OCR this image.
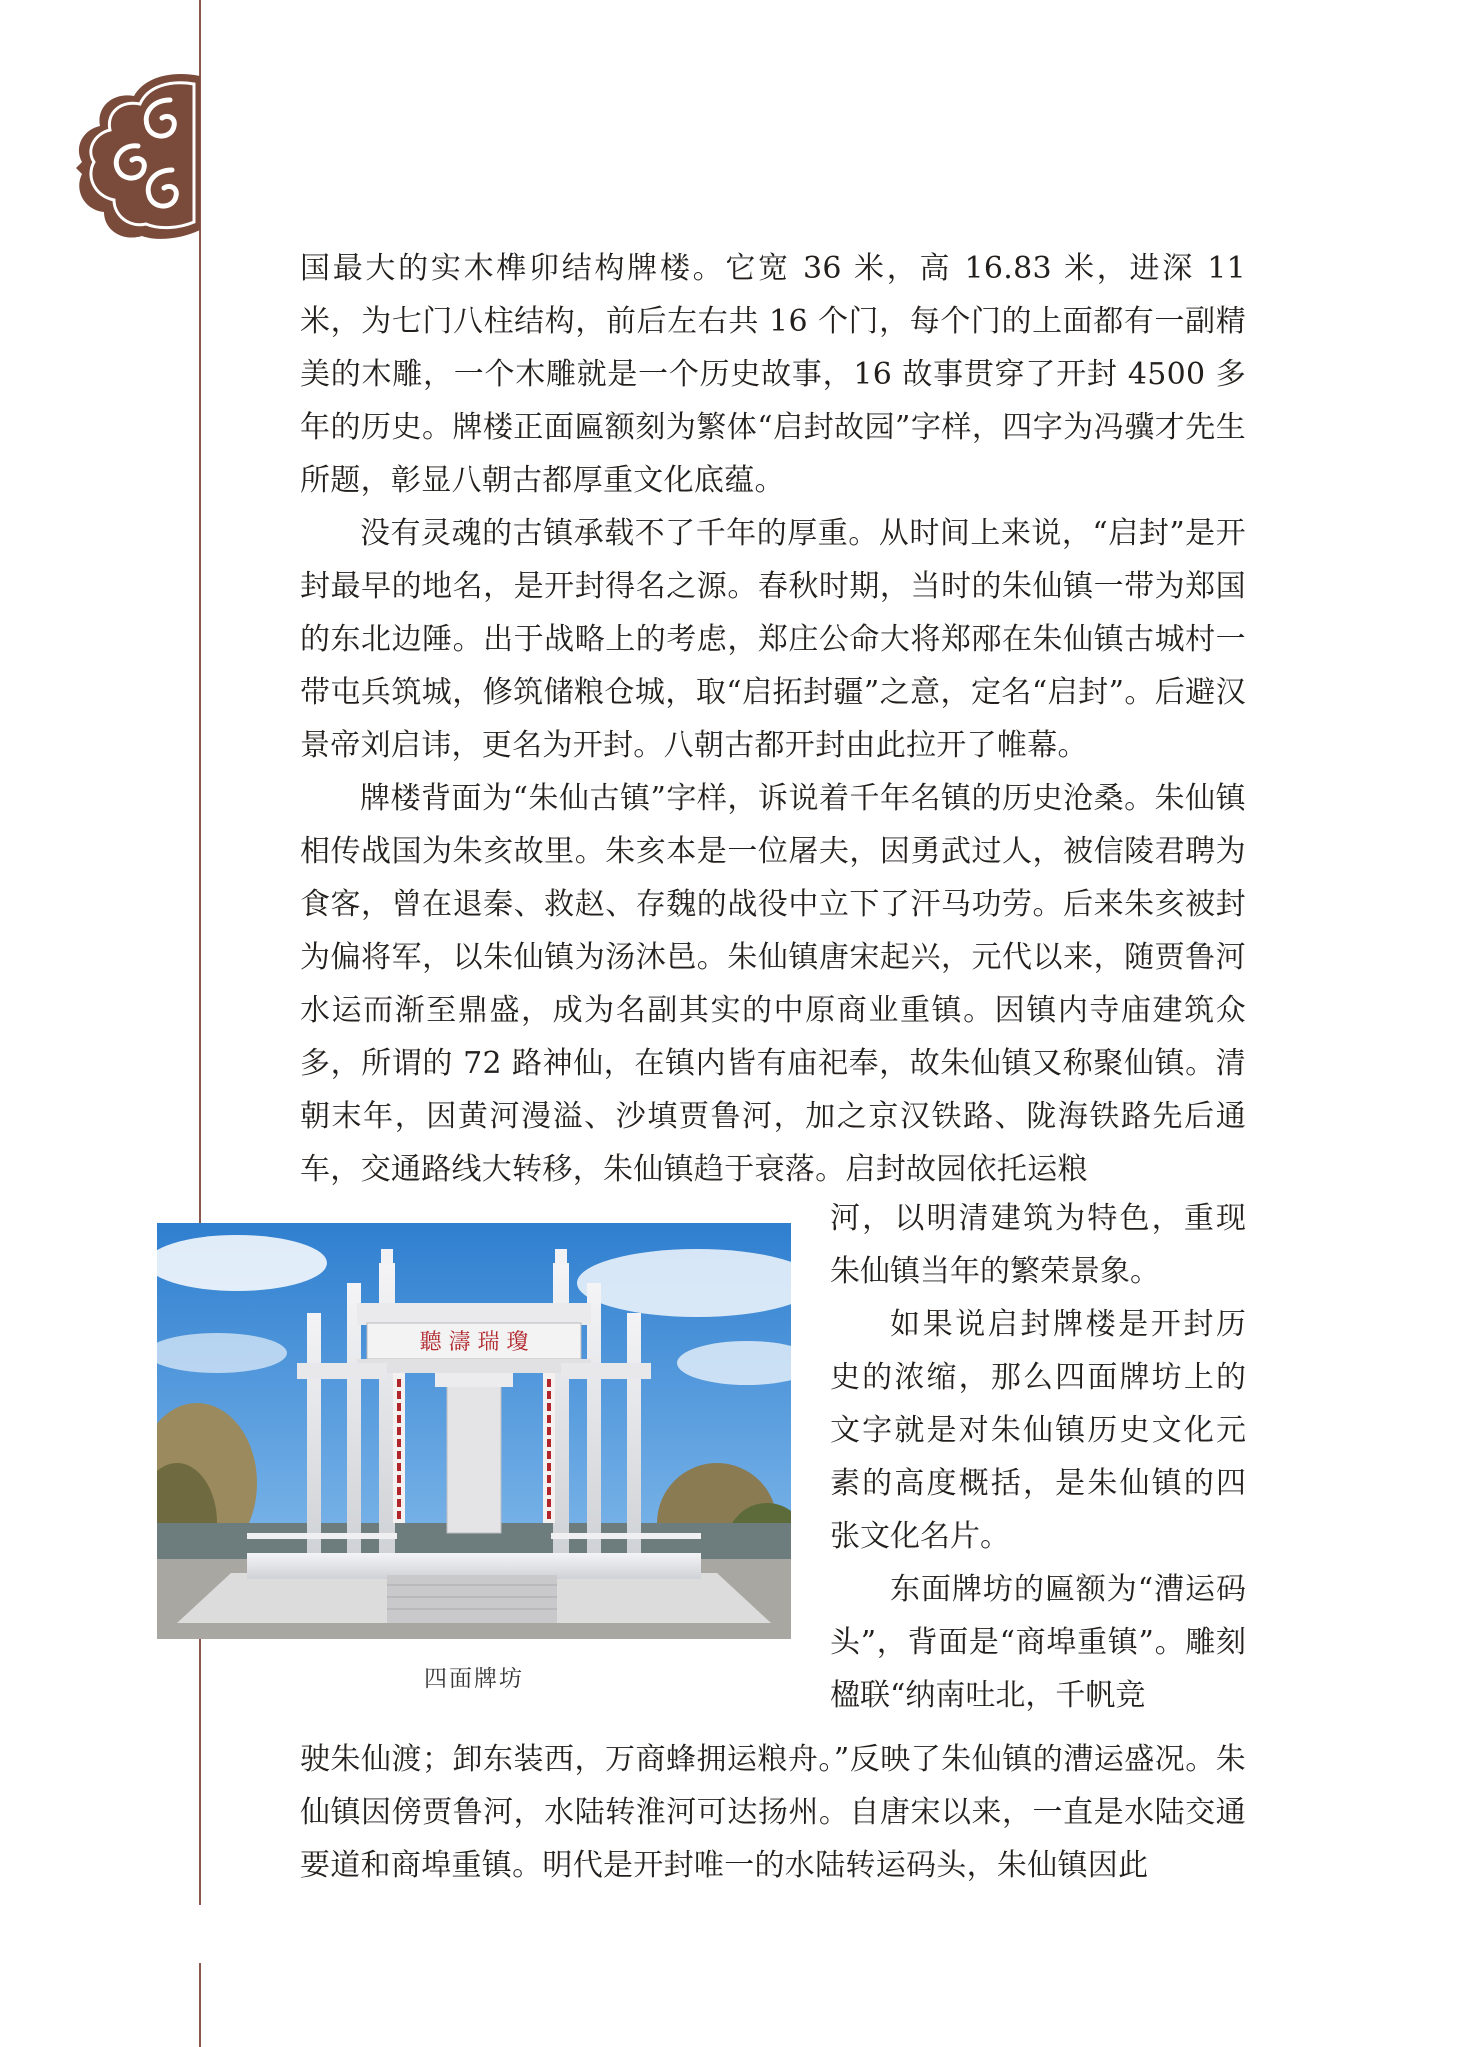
国最大的实木榫卯结构牌楼。它宽 36 米，高 16.83 米，进深 11 米，为七门八柱结构，前后左右共 16 个门，每个门的上面都有一副精美的木雕，一个木雕就是一个历史故事，16 故事贯穿了开封 4500 多年的历史。牌楼正面匾额刻为繁体“启封故园”字样，四字为冯骥才先生所题，彰显八朝古都厚重文化底蕴。

没有灵魂的古镇承载不了千年的厚重。从时间上来说，“启封”是开封最早的地名，是开封得名之源。春秋时期，当时的朱仙镇一带为郑国的东北边陲。出于战略上的考虑，郑庄公命大将郑邴在朱仙镇古城村一带屯兵筑城，修筑储粮仓城，取“启拓封疆”之意，定名“启封”。后避汉景帝刘启讳，更名为开封。八朝古都开封由此拉开了帷幕。

牌楼背面为“朱仙古镇”字样，诉说着千年名镇的历史沧桑。朱仙镇相传战国为朱亥故里。朱亥本是一位屠夫，因勇武过人，被信陵君聘为食客，曾在退秦、救赵、存魏的战役中立下了汗马功劳。后来朱亥被封为偏将军，以朱仙镇为汤沐邑。朱仙镇唐宋起兴，元代以来，随贾鲁河水运而渐至鼎盛，成为名副其实的中原商业重镇。因镇内寺庙建筑众多，所谓的 72 路神仙，在镇内皆有庙祀奉，故朱仙镇又称聚仙镇。清朝末年，因黄河漫溢、沙填贾鲁河，加之京汉铁路、陇海铁路先后通车，交通路线大转移，朱仙镇趋于衰落。启封故园依托运粮

河，以明清建筑为特色，重现朱仙镇当年的繁荣景象。

如果说启封牌楼是开封历史的浓缩，那么四面牌坊上的文字就是对朱仙镇历史文化元素的高度概括，是朱仙镇的四张文化名片。

东面牌坊的匾额为“漕运码头”，背面是“商埠重镇”。雕刻楹联“纳南吐北，千帆竞

聽 濤 瑞 瓊
四面牌坊

驶朱仙渡；卸东装西，万商蜂拥运粮舟。”反映了朱仙镇的漕运盛况。朱仙镇因傍贾鲁河，水陆转淮河可达扬州。自唐宋以来，一直是水陆交通要道和商埠重镇。明代是开封唯一的水陆转运码头，朱仙镇因此
